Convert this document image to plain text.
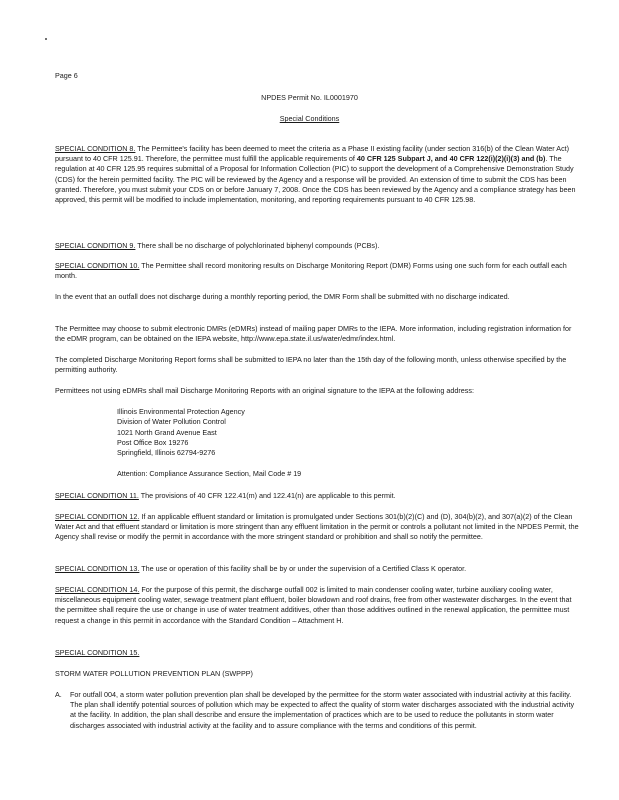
Page 6
NPDES Permit No. IL0001970
Special Conditions
SPECIAL CONDITION 8. The Permittee's facility has been deemed to meet the criteria as a Phase II existing facility (under section 316(b) of the Clean Water Act) pursuant to 40 CFR 125.91. Therefore, the permittee must fulfill the applicable requirements of 40 CFR 125 Subpart J, and 40 CFR 122(i)(2)(i)(3) and (b). The regulation at 40 CFR 125.95 requires submittal of a Proposal for Information Collection (PIC) to support the development of a Comprehensive Demonstration Study (CDS) for the herein permitted facility. The PIC will be reviewed by the Agency and a response will be provided. An extension of time to submit the CDS has been granted. Therefore, you must submit your CDS on or before January 7, 2008. Once the CDS has been reviewed by the Agency and a compliance strategy has been approved, this permit will be modified to include implementation, monitoring, and reporting requirements pursuant to 40 CFR 125.98.
SPECIAL CONDITION 9. There shall be no discharge of polychlorinated biphenyl compounds (PCBs).
SPECIAL CONDITION 10. The Permittee shall record monitoring results on Discharge Monitoring Report (DMR) Forms using one such form for each outfall each month.
In the event that an outfall does not discharge during a monthly reporting period, the DMR Form shall be submitted with no discharge indicated.
The Permittee may choose to submit electronic DMRs (eDMRs) instead of mailing paper DMRs to the IEPA. More information, including registration information for the eDMR program, can be obtained on the IEPA website, http://www.epa.state.il.us/water/edmr/index.html.
The completed Discharge Monitoring Report forms shall be submitted to IEPA no later than the 15th day of the following month, unless otherwise specified by the permitting authority.
Permittees not using eDMRs shall mail Discharge Monitoring Reports with an original signature to the IEPA at the following address:
Illinois Environmental Protection Agency
Division of Water Pollution Control
1021 North Grand Avenue East
Post Office Box 19276
Springfield, Illinois 62794-9276
Attention: Compliance Assurance Section, Mail Code # 19
SPECIAL CONDITION 11. The provisions of 40 CFR 122.41(m) and 122.41(n) are applicable to this permit.
SPECIAL CONDITION 12. If an applicable effluent standard or limitation is promulgated under Sections 301(b)(2)(C) and (D), 304(b)(2), and 307(a)(2) of the Clean Water Act and that effluent standard or limitation is more stringent than any effluent limitation in the permit or controls a pollutant not limited in the NPDES Permit, the Agency shall revise or modify the permit in accordance with the more stringent standard or prohibition and shall so notify the permittee.
SPECIAL CONDITION 13. The use or operation of this facility shall be by or under the supervision of a Certified Class K operator.
SPECIAL CONDITION 14. For the purpose of this permit, the discharge outfall 002 is limited to main condenser cooling water, turbine auxiliary cooling water, miscellaneous equipment cooling water, sewage treatment plant effluent, boiler blowdown and roof drains, free from other wastewater discharges. In the event that the permittee shall require the use or change in use of water treatment additives, other than those additives outlined in the renewal application, the permittee must request a change in this permit in accordance with the Standard Condition – Attachment H.
SPECIAL CONDITION 15.
STORM WATER POLLUTION PREVENTION PLAN (SWPPP)
A. For outfall 004, a storm water pollution prevention plan shall be developed by the permittee for the storm water associated with industrial activity at this facility. The plan shall identify potential sources of pollution which may be expected to affect the quality of storm water discharges associated with the industrial activity at the facility. In addition, the plan shall describe and ensure the implementation of practices which are to be used to reduce the pollutants in storm water discharges associated with industrial activity at the facility and to assure compliance with the terms and conditions of this permit.
